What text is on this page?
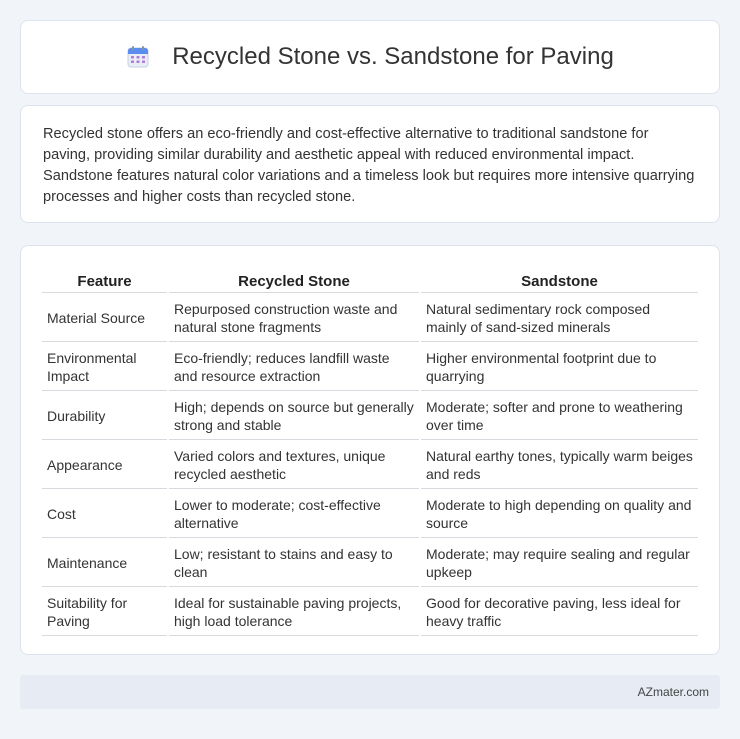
Recycled Stone vs. Sandstone for Paving

Recycled stone offers an eco-friendly and cost-effective alternative to traditional sandstone for paving, providing similar durability and aesthetic appeal with reduced environmental impact. Sandstone features natural color variations and a timeless look but requires more intensive quarrying processes and higher costs than recycled stone.

Feature	Recycled Stone	Sandstone
Material Source	Repurposed construction waste and natural stone fragments	Natural sedimentary rock composed mainly of sand-sized minerals
Environmental Impact	Eco-friendly; reduces landfill waste and resource extraction	Higher environmental footprint due to quarrying
Durability	High; depends on source but generally strong and stable	Moderate; softer and prone to weathering over time
Appearance	Varied colors and textures, unique recycled aesthetic	Natural earthy tones, typically warm beiges and reds
Cost	Lower to moderate; cost-effective alternative	Moderate to high depending on quality and source
Maintenance	Low; resistant to stains and easy to clean	Moderate; may require sealing and regular upkeep
Suitability for Paving	Ideal for sustainable paving projects, high load tolerance	Good for decorative paving, less ideal for heavy traffic
AZmater.com
